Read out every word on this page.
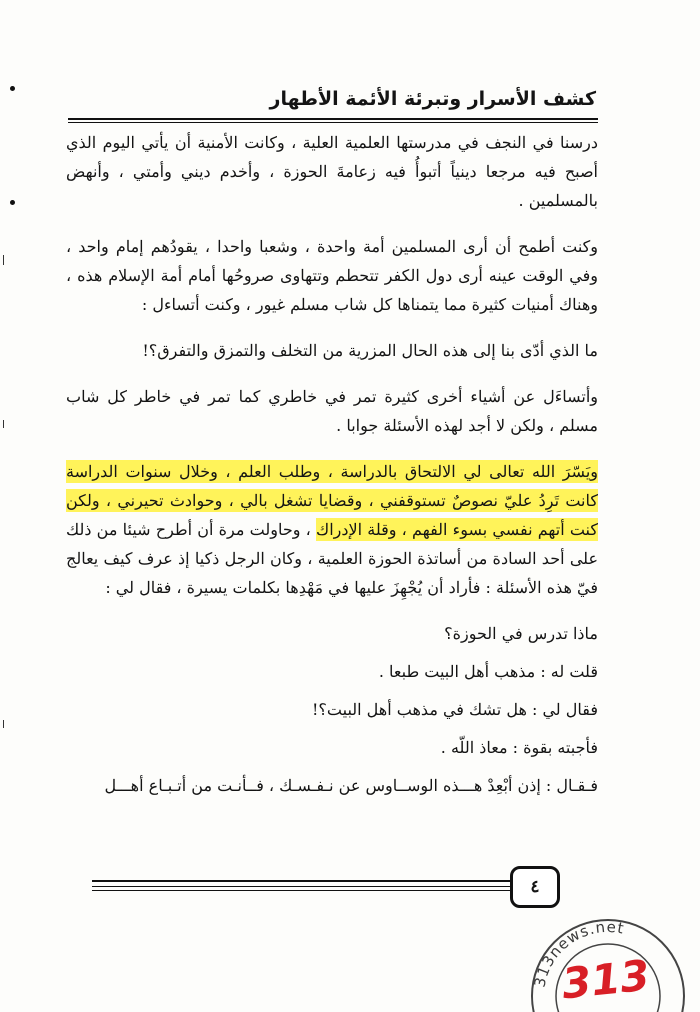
كشف الأسرار وتبرئة الأئمة الأطهار

درسنا في النجف في مدرستها العلمية العلية ، وكانت الأمنية أن يأتي اليوم الذي أصبح فيه مرجعا دينياً أتبوأُ فيه زعامةَ الحوزة ، وأخدم ديني وأمتي ، وأنهض بالمسلمين .

وكنت أطمح أن أرى المسلمين أمة واحدة ، وشعبا واحدا ، يقودُهم إمام واحد ، وفي الوقت عينه أرى دول الكفر تتحطم وتتهاوى صروحُها أمام أمة الإسلام هذه ، وهناك أمنيات كثيرة مما يتمناها كل شاب مسلم غيور ، وكنت أتساءل :

ما الذي أدّى بنا إلى هذه الحال المزرية من التخلف والتمزق والتفرق؟!

وأتساءَل عن أشياء أخرى كثيرة تمر في خاطري كما تمر في خاطر كل شاب مسلم ، ولكن لا أجد لهذه الأسئلة جوابا .

ويَسّرَ الله تعالى لي الالتحاق بالدراسة ، وطلب العلم ، وخلال سنوات الدراسة كانت تَرِدُ عليّ نصوصٌ تستوقفني ، وقضايا تشغل بالي ، وحوادث تحيرني ، ولكن كنت أتهم نفسي بسوء الفهم ، وقلة الإدراك ، وحاولت مرة أن أطرح شيئا من ذلك على أحد السادة من أساتذة الحوزة العلمية ، وكان الرجل ذكيا إذ عرف كيف يعالج فيّ هذه الأسئلة : فأراد أن يُجْهِزَ عليها في مَهْدِها بكلمات يسيرة ، فقال لي :

ماذا تدرس في الحوزة؟

قلت له : مذهب أهل البيت طبعا .

فقال لي : هل تشك في مذهب أهل البيت؟!

فأجبته بقوة : معاذ اللّه .

فـقـال : إذن أبْعِدْ هـــذه الوســاوس عن نـفـسـك ، فــأنـت من أتـبـاع أهـــل

٤
313news.net
313
